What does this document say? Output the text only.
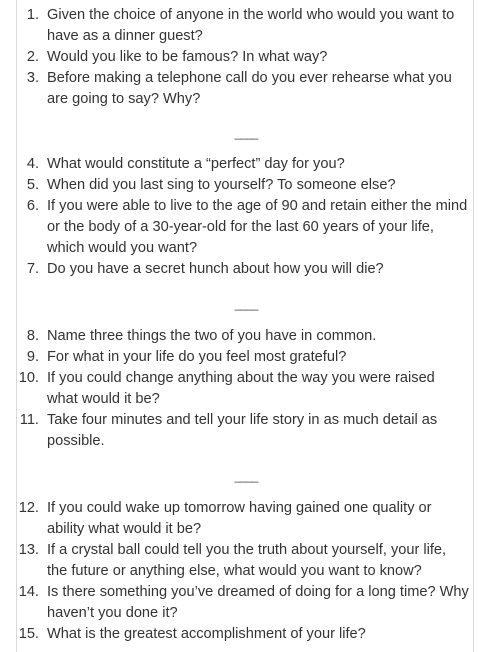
1. Given the choice of anyone in the world who would you want to have as a dinner guest?
2. Would you like to be famous? In what way?
3. Before making a telephone call do you ever rehearse what you are going to say? Why?
____
4. What would constitute a “perfect” day for you?
5. When did you last sing to yourself? To someone else?
6. If you were able to live to the age of 90 and retain either the mind or the body of a 30-year-old for the last 60 years of your life, which would you want?
7. Do you have a secret hunch about how you will die?
____
8. Name three things the two of you have in common.
9. For what in your life do you feel most grateful?
10. If you could change anything about the way you were raised what would it be?
11. Take four minutes and tell your life story in as much detail as possible.
____
12. If you could wake up tomorrow having gained one quality or ability what would it be?
13. If a crystal ball could tell you the truth about yourself, your life, the future or anything else, what would you want to know?
14. Is there something you’ve dreamed of doing for a long time? Why haven’t you done it?
15. What is the greatest accomplishment of your life?
